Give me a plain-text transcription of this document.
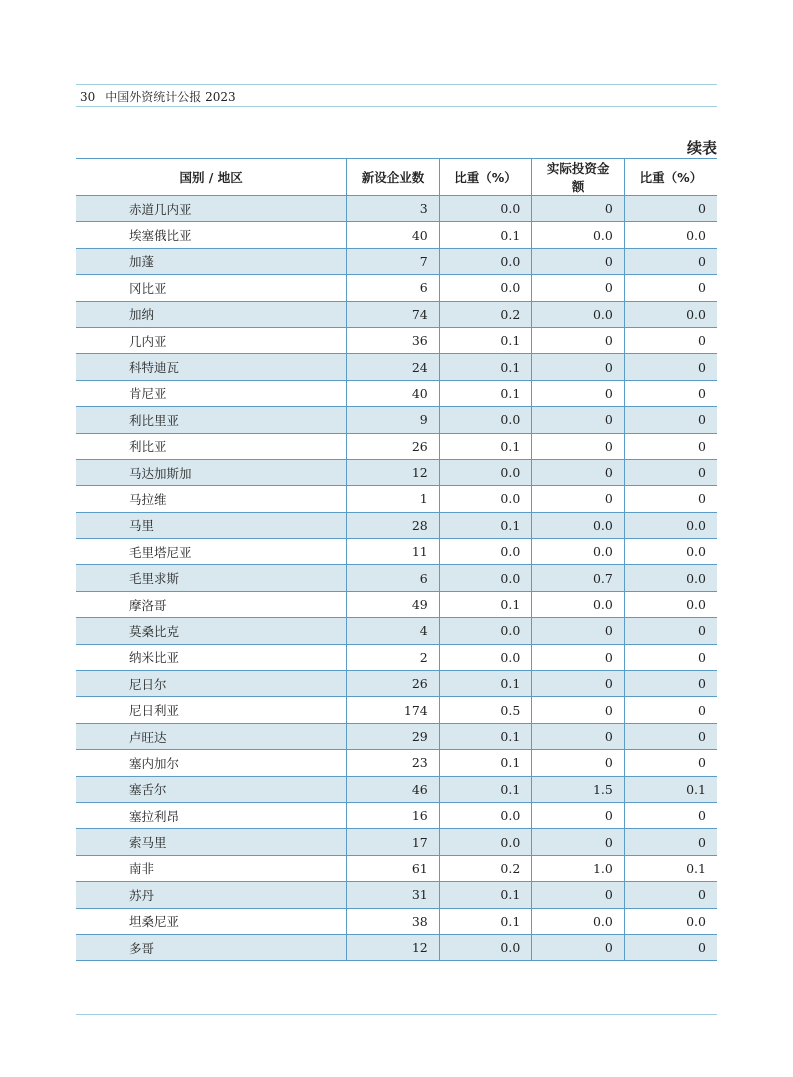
30 中国外资统计公报 2023
续表
国别 / 地区	新设企业数	比重（%）	实际投资金额	比重（%）
赤道几内亚	3	0.0	0	0
埃塞俄比亚	40	0.1	0.0	0.0
加蓬	7	0.0	0	0
冈比亚	6	0.0	0	0
加纳	74	0.2	0.0	0.0
几内亚	36	0.1	0	0
科特迪瓦	24	0.1	0	0
肯尼亚	40	0.1	0	0
利比里亚	9	0.0	0	0
利比亚	26	0.1	0	0
马达加斯加	12	0.0	0	0
马拉维	1	0.0	0	0
马里	28	0.1	0.0	0.0
毛里塔尼亚	11	0.0	0.0	0.0
毛里求斯	6	0.0	0.7	0.0
摩洛哥	49	0.1	0.0	0.0
莫桑比克	4	0.0	0	0
纳米比亚	2	0.0	0	0
尼日尔	26	0.1	0	0
尼日利亚	174	0.5	0	0
卢旺达	29	0.1	0	0
塞内加尔	23	0.1	0	0
塞舌尔	46	0.1	1.5	0.1
塞拉利昂	16	0.0	0	0
索马里	17	0.0	0	0
南非	61	0.2	1.0	0.1
苏丹	31	0.1	0	0
坦桑尼亚	38	0.1	0.0	0.0
多哥	12	0.0	0	0
